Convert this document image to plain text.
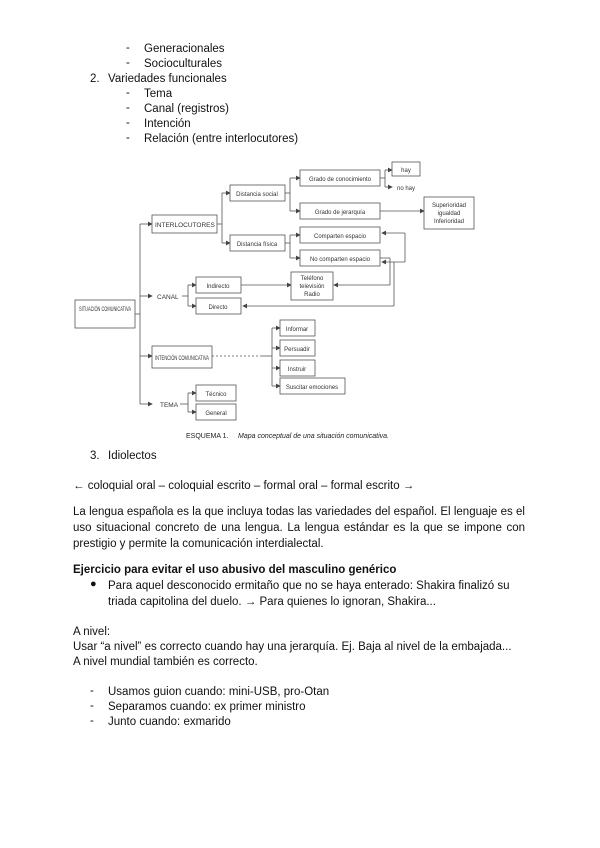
- Generacionales
- Socioculturales
2. Variedades funcionales
- Tema
- Canal (registros)
- Intención
- Relación (entre interlocutores)
SITUACIÓN COMUNICATIVA
INTERLOCUTORES
CANAL
INTENCIÓN COMUNICATIVA
TEMA
Distancia social
Distancia física
Grado de conocimiento
Grado de jerarquía
hay
no hay
Superioridad
igualdad
Inferioridad
Comparten espacio
No comparten espacio
Indirecto
Directo
Teléfono
televisión
Radio
Informar
Persuadir
Instruir
Suscitar emociones
Técnico
General
ESQUEMA 1. Mapa conceptual de una situación comunicativa.
3. Idiolectos
← coloquial oral – coloquial escrito – formal oral – formal escrito →

La lengua española es la que incluya todas las variedades del español. El lenguaje es el uso situacional concreto de una lengua. La lengua estándar es la que se impone con prestigio y permite la comunicación interdialectal.

Ejercicio para evitar el uso abusivo del masculino genérico
● Para aquel desconocido ermitaño que no se haya enterado: Shakira finalizó su triada capitolina del duelo. → Para quienes lo ignoran, Shakira...

A nivel:
Usar “a nivel” es correcto cuando hay una jerarquía. Ej. Baja al nivel de la embajada...
A nivel mundial también es correcto.
- Usamos guion cuando: mini-USB, pro-Otan
- Separamos cuando: ex primer ministro
- Junto cuando: exmarido
